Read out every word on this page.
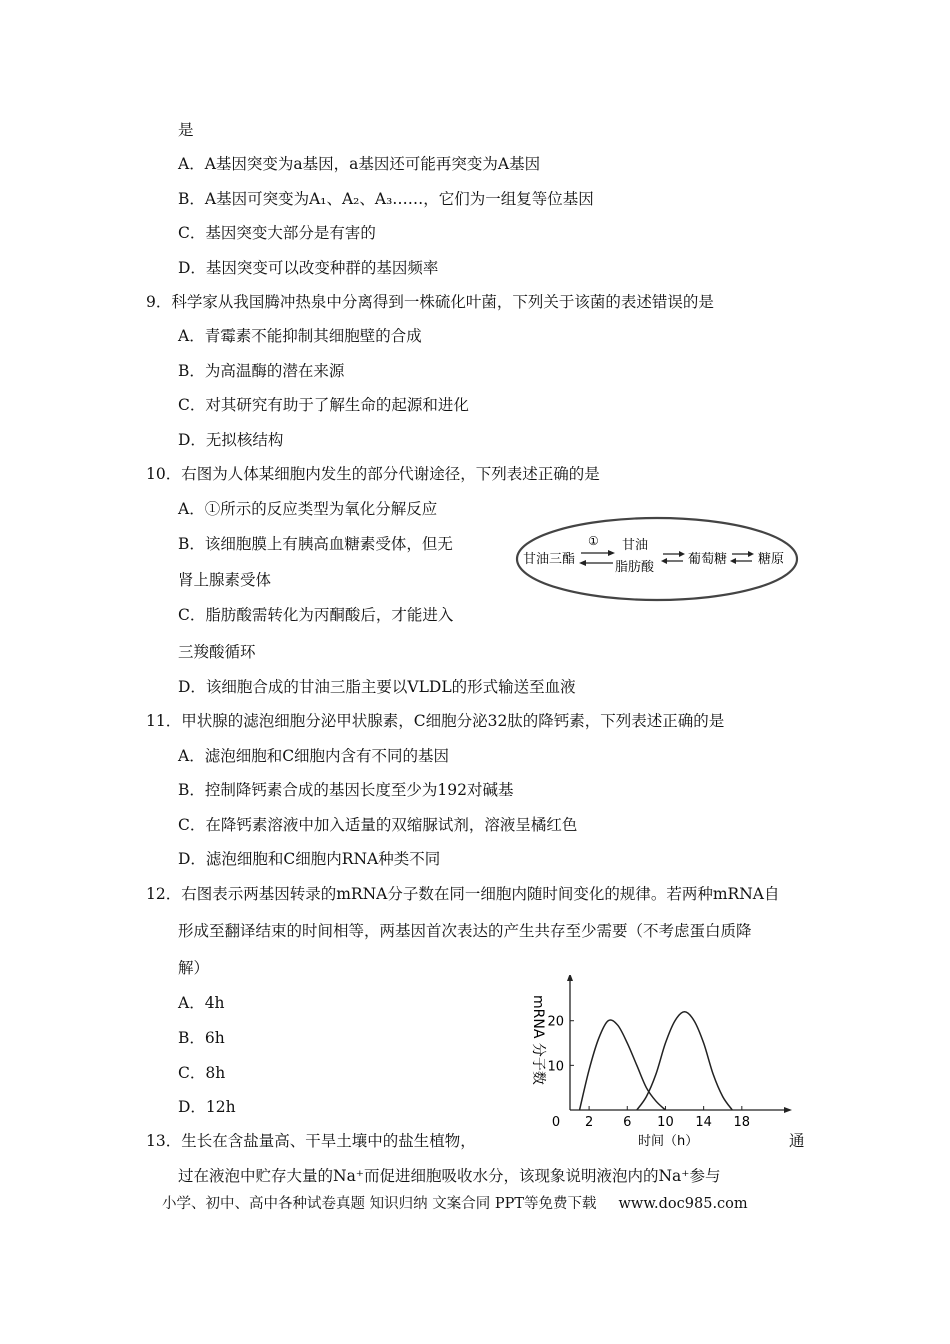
是
A．A基因突变为a基因，a基因还可能再突变为A基因
B．A基因可突变为A₁、A₂、A₃……，它们为一组复等位基因
C．基因突变大部分是有害的
D．基因突变可以改变种群的基因频率
9．科学家从我国腾冲热泉中分离得到一株硫化叶菌，下列关于该菌的表述错误的是
A．青霉素不能抑制其细胞壁的合成
B．为高温酶的潜在来源
C．对其研究有助于了解生命的起源和进化
D．无拟核结构
10．右图为人体某细胞内发生的部分代谢途径，下列表述正确的是
A．①所示的反应类型为氧化分解反应
B．该细胞膜上有胰高血糖素受体，但无
肾上腺素受体
C．脂肪酸需转化为丙酮酸后，才能进入
三羧酸循环
D．该细胞合成的甘油三脂主要以VLDL的形式输送至血液
甘油三酯
① 甘油
脂肪酸
葡萄糖 糖原
11．甲状腺的滤泡细胞分泌甲状腺素，C细胞分泌32肽的降钙素，下列表述正确的是
A．滤泡细胞和C细胞内含有不同的基因
B．控制降钙素合成的基因长度至少为192对碱基
C．在降钙素溶液中加入适量的双缩脲试剂，溶液呈橘红色
D．滤泡细胞和C细胞内RNA种类不同
12．右图表示两基因转录的mRNA分子数在同一细胞内随时间变化的规律。若两种mRNA自
形成至翻译结束的时间相等，两基因首次表达的产生共存至少需要（不考虑蛋白质降
解）
A．4h
B．6h
C．8h
D．12h
0 2 6 10 14 18
10
20
mRNA 分子数
时间（h）
13．生长在含盐量高、干旱土壤中的盐生植物，	通
过在液泡中贮存大量的Na⁺而促进细胞吸收水分，该现象说明液泡内的Na⁺参与
小学、初中、高中各种试卷真题 知识归纳 文案合同 PPT等免费下载 www.doc985.com
